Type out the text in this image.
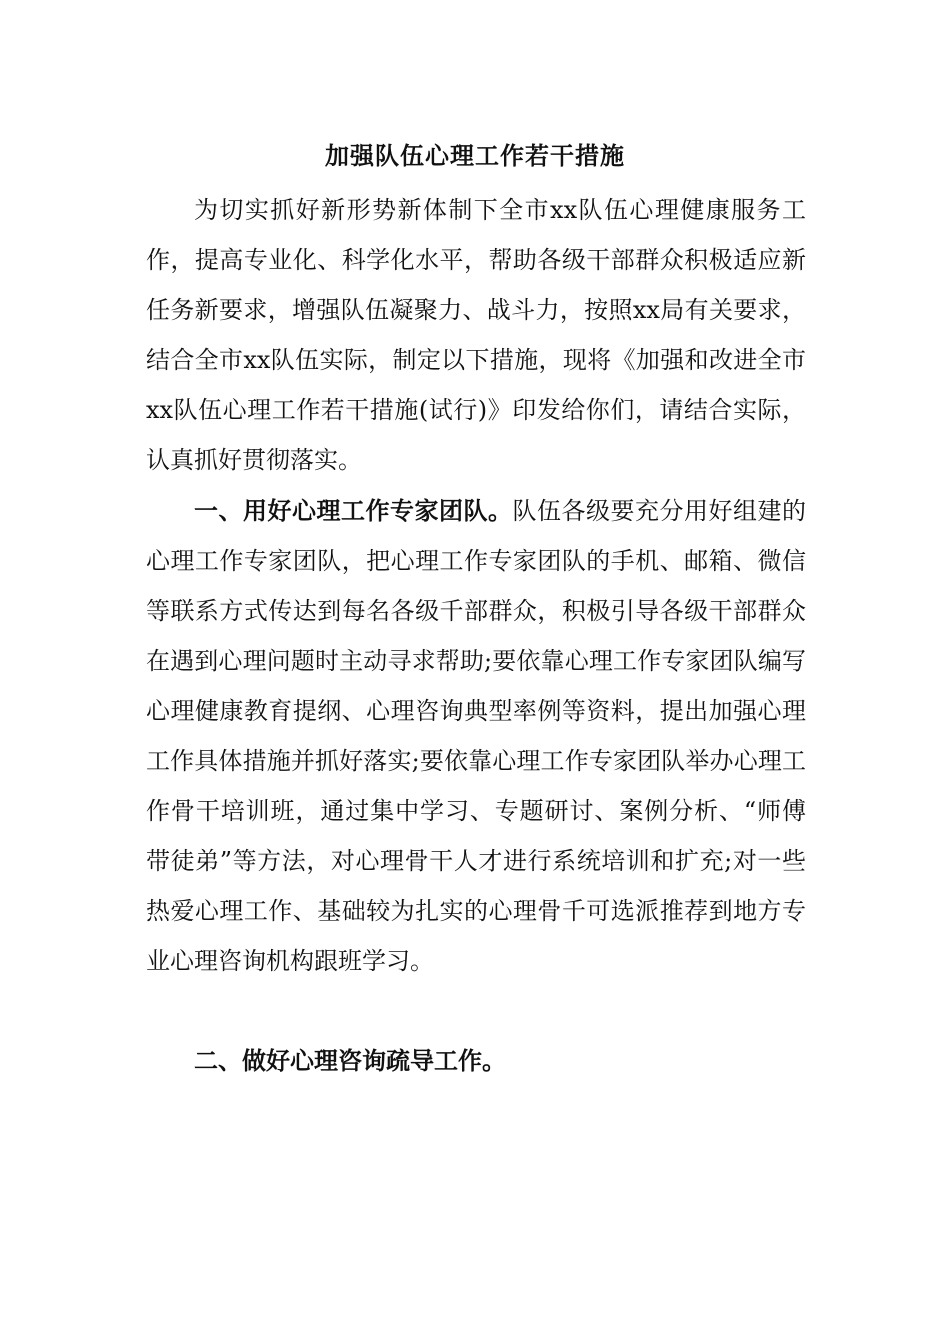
加强队伍心理工作若干措施

为切实抓好新形势新体制下全市xx队伍心理健康服务工作，提高专业化、科学化水平，帮助各级干部群众积极适应新任务新要求，增强队伍凝聚力、战斗力，按照xx局有关要求，结合全市xx队伍实际，制定以下措施，现将《加强和改进全市xx队伍心理工作若干措施(试行)》印发给你们，请结合实际，认真抓好贯彻落实。

一、用好心理工作专家团队。队伍各级要充分用好组建的心理工作专家团队，把心理工作专家团队的手机、邮箱、微信等联系方式传达到每名各级千部群众，积极引导各级干部群众在遇到心理问题时主动寻求帮助;要依靠心理工作专家团队编写心理健康教育提纲、心理咨询典型率例等资料，提出加强心理工作具体措施并抓好落实;要依靠心理工作专家团队举办心理工作骨干培训班，通过集中学习、专题研讨、案例分析、“师傅带徒弟”等方法，对心理骨干人才进行系统培训和扩充;对一些热爱心理工作、基础较为扎实的心理骨千可选派推荐到地方专业心理咨询机构跟班学习。

二、做好心理咨询疏导工作。
